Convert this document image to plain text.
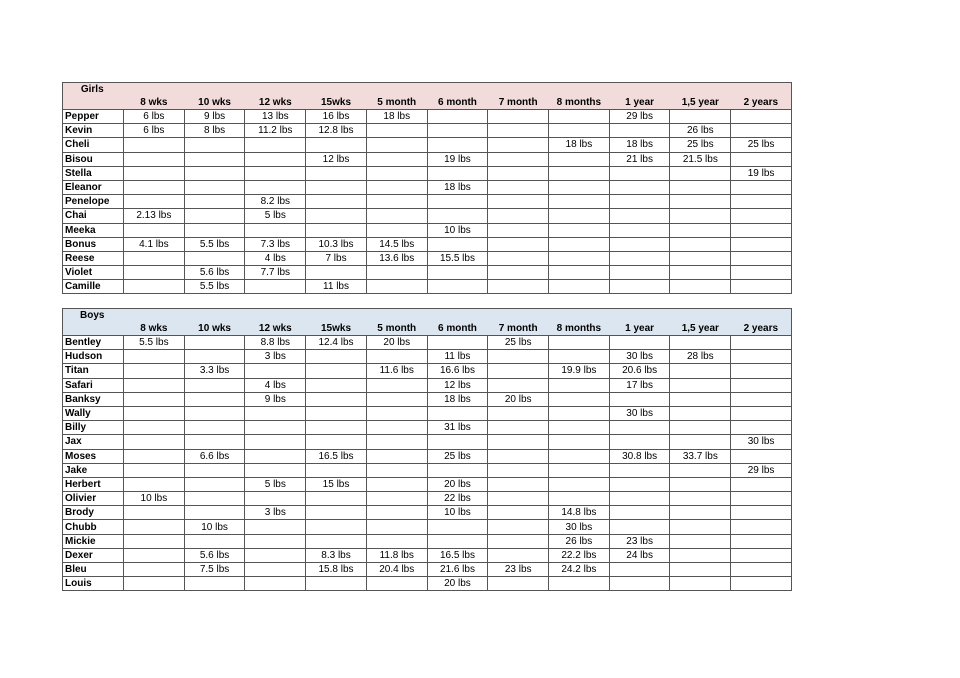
Girls											
	8 wks	10 wks	12 wks	15wks	5 month	6 month	7 month	8 months	1 year	1,5 year	2 years
Pepper	6 lbs	9 lbs	13 lbs	16 lbs	18 lbs				29 lbs		
Kevin	6 lbs	8 lbs	11.2 lbs	12.8 lbs						26 lbs	
Cheli								18 lbs	18 lbs	25 lbs	25 lbs
Bisou				12 lbs		19 lbs			21 lbs	21.5 lbs	
Stella											19 lbs
Eleanor						18 lbs					
Penelope			8.2 lbs								
Chai	2.13 lbs		5 lbs								
Meeka						10 lbs					
Bonus	4.1 lbs	5.5 lbs	7.3 lbs	10.3 lbs	14.5 lbs						
Reese			4 lbs	7 lbs	13.6 lbs	15.5 lbs					
Violet		5.6 lbs	7.7 lbs								
Camille		5.5 lbs		11 lbs							
Boys											
	8 wks	10 wks	12 wks	15wks	5 month	6 month	7 month	8 months	1 year	1,5 year	2 years
Bentley	5.5 lbs		8.8 lbs	12.4 lbs	20 lbs		25 lbs				
Hudson			3 lbs			11 lbs			30 lbs	28 lbs	
Titan		3.3 lbs			11.6 lbs	16.6 lbs		19.9 lbs	20.6 lbs		
Safari			4 lbs			12 lbs			17 lbs		
Banksy			9 lbs			18 lbs	20 lbs				
Wally									30 lbs		
Billy						31 lbs					
Jax											30 lbs
Moses		6.6 lbs		16.5 lbs		25 lbs			30.8 lbs	33.7 lbs	
Jake											29 lbs
Herbert			5 lbs	15 lbs		20 lbs					
Olivier	10 lbs					22 lbs					
Brody			3 lbs			10 lbs		14.8 lbs			
Chubb		10 lbs						30 lbs			
Mickie								26 lbs	23 lbs		
Dexer		5.6 lbs		8.3 lbs	11.8 lbs	16.5 lbs		22.2 lbs	24 lbs		
Bleu		7.5 lbs		15.8 lbs	20.4 lbs	21.6 lbs	23 lbs	24.2 lbs			
Louis						20 lbs					
